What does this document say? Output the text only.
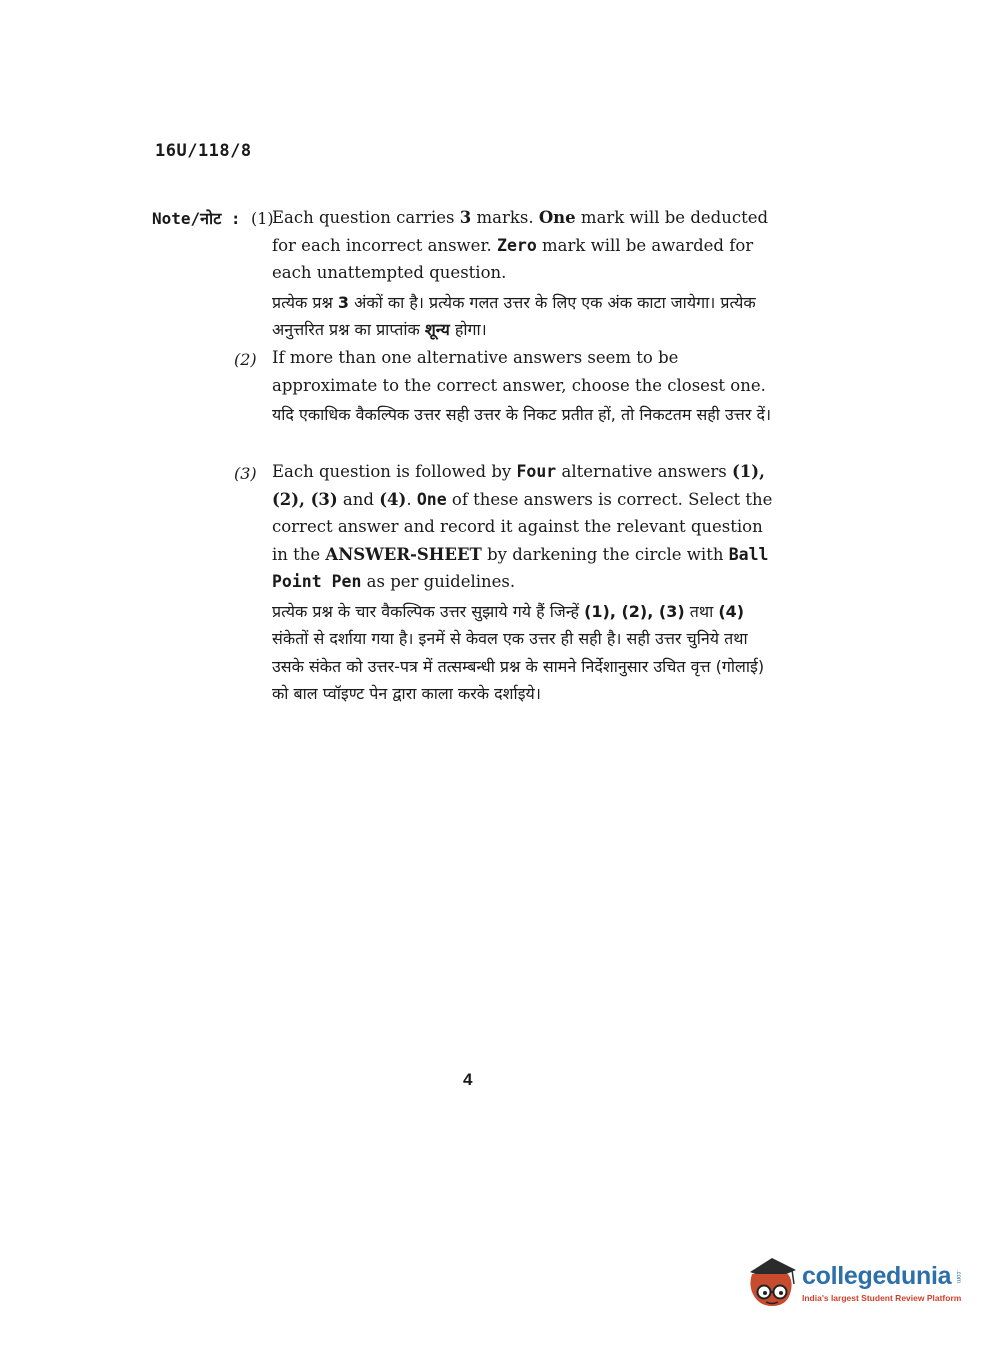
16U/118/8
Note/नोट : (1)

Each question carries 3 marks. One mark will be deducted for each incorrect answer. Zero mark will be awarded for each unattempted question.

प्रत्येक प्रश्न 3 अंकों का है। प्रत्येक गलत उत्तर के लिए एक अंक काटा जायेगा। प्रत्येक अनुत्तरित प्रश्न का प्राप्तांक शून्य होगा।

(2) If more than one alternative answers seem to be approximate to the correct answer, choose the closest one.

यदि एकाधिक वैकल्पिक उत्तर सही उत्तर के निकट प्रतीत हों, तो निकटतम सही उत्तर दें।

(3) Each question is followed by Four alternative answers (1), (2), (3) and (4). One of these answers is correct. Select the correct answer and record it against the relevant question in the ANSWER-SHEET by darkening the circle with Ball Point Pen as per guidelines.

प्रत्येक प्रश्न के चार वैकल्पिक उत्तर सुझाये गये हैं जिन्हें (1), (2), (3) तथा (4) संकेतों से दर्शाया गया है। इनमें से केवल एक उत्तर ही सही है। सही उत्तर चुनिये तथा उसके संकेत को उत्तर-पत्र में तत्सम्बन्धी प्रश्न के सामने निर्देशानुसार उचित वृत्त (गोलाई) को बाल प्वॉइण्ट पेन द्वारा काला करके दर्शाइये।

4
collegedunia .com
India's largest Student Review Platform
